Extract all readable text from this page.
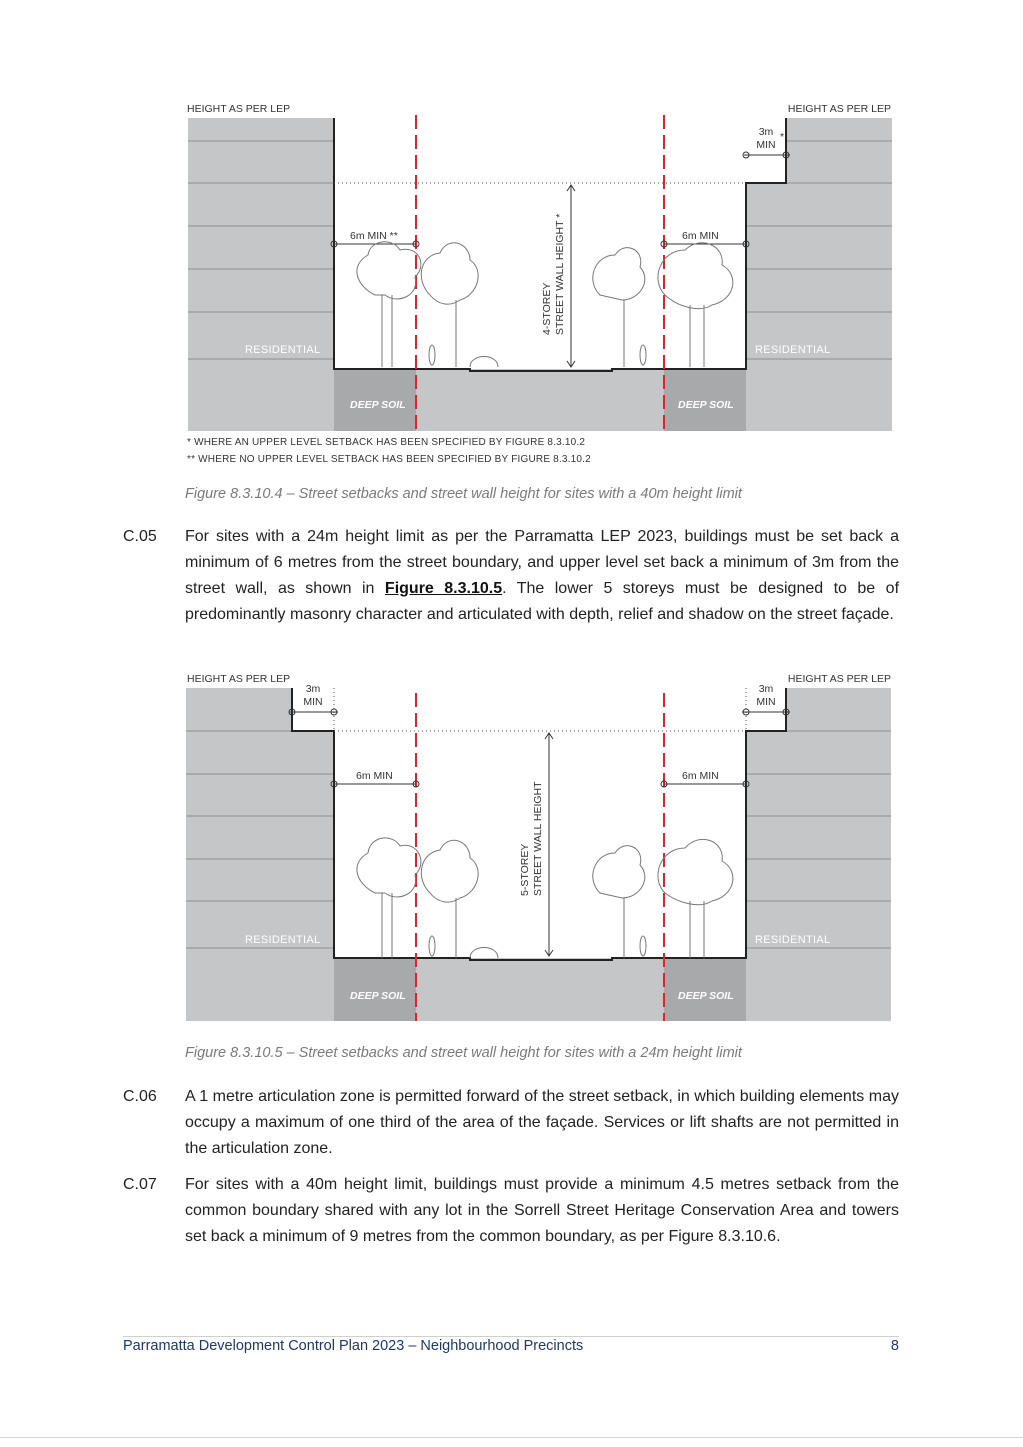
HEIGHT AS PER LEP	HEIGHT AS PER LEP
3m
MIN
*
6m MIN **	6m MIN
4-STOREY STREET WALL HEIGHT *
RESIDENTIAL	RESIDENTIAL
DEEP SOIL	DEEP SOIL
* WHERE AN UPPER LEVEL SETBACK HAS BEEN SPECIFIED BY FIGURE 8.3.10.2
** WHERE NO UPPER LEVEL SETBACK HAS BEEN SPECIFIED BY FIGURE 8.3.10.2
Figure 8.3.10.4 – Street setbacks and street wall height for sites with a 40m height limit
C.05 For sites with a 24m height limit as per the Parramatta LEP 2023, buildings must be set back a minimum of 6 metres from the street boundary, and upper level set back a minimum of 3m from the street wall, as shown in Figure 8.3.10.5. The lower 5 storeys must be designed to be of predominantly masonry character and articulated with depth, relief and shadow on the street façade.
HEIGHT AS PER LEP	HEIGHT AS PER LEP
3m
MIN
3m
MIN
6m MIN	6m MIN
5-STOREY STREET WALL HEIGHT
RESIDENTIAL	RESIDENTIAL
DEEP SOIL	DEEP SOIL
Figure 8.3.10.5 – Street setbacks and street wall height for sites with a 24m height limit
C.06 A 1 metre articulation zone is permitted forward of the street setback, in which building elements may occupy a maximum of one third of the area of the façade. Services or lift shafts are not permitted in the articulation zone.
C.07 For sites with a 40m height limit, buildings must provide a minimum 4.5 metres setback from the common boundary shared with any lot in the Sorrell Street Heritage Conservation Area and towers set back a minimum of 9 metres from the common boundary, as per Figure 8.3.10.6.
Parramatta Development Control Plan 2023 – Neighbourhood Precincts	8
